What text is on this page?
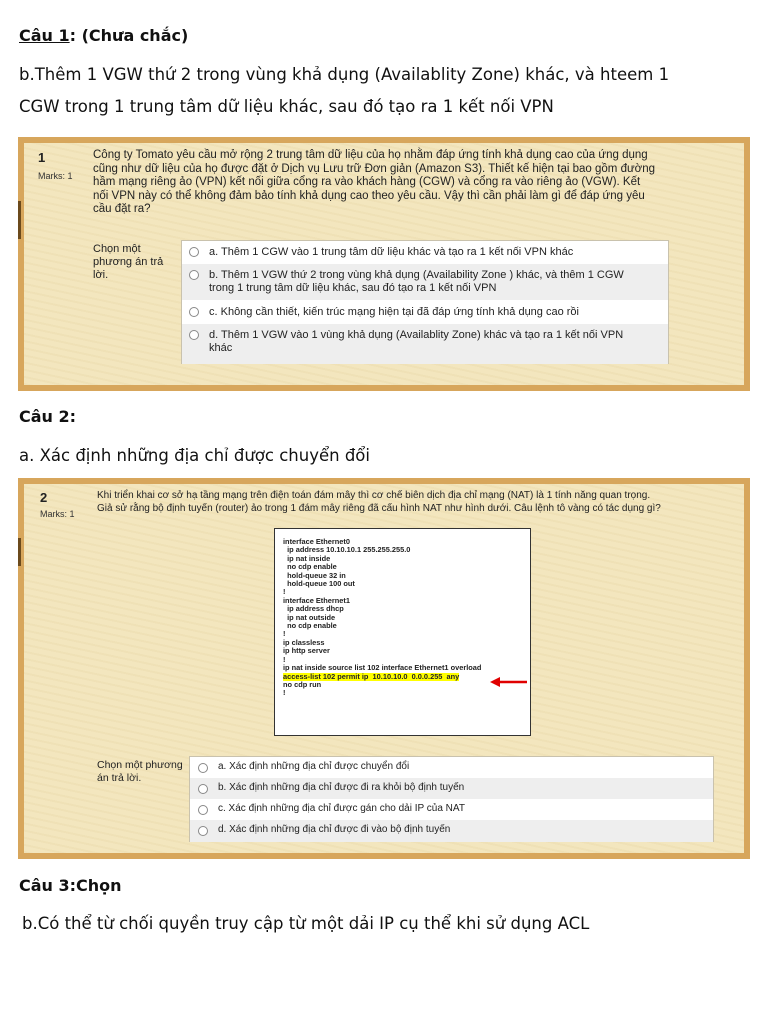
Câu 1: (Chưa chắc)
b.Thêm 1 VGW thứ 2 trong vùng khả dụng (Availablity Zone) khác, và hteem 1
CGW trong 1 trung tâm dữ liệu khác, sau đó tạo ra 1 kết nối VPN
1
Marks: 1
Công ty Tomato yêu cầu mở rộng 2 trung tâm dữ liệu của họ nhằm đáp ứng tính khả dụng cao của ứng dụng
cũng như dữ liệu của họ được đặt ở Dịch vụ Lưu trữ Đơn giản (Amazon S3). Thiết kế hiện tại bao gồm đường
hầm mạng riêng ảo (VPN) kết nối giữa cổng ra vào khách hàng (CGW) và cổng ra vào riêng ảo (VGW). Kết
nối VPN này có thể không đảm bảo tính khả dụng cao theo yêu cầu. Vậy thì cần phải làm gì để đáp ứng yêu
cầu đặt ra?
Chọn một
phương án trả
lời.
a. Thêm 1 CGW vào 1 trung tâm dữ liệu khác và tạo ra 1 kết nối VPN khác
b. Thêm 1 VGW thứ 2 trong vùng khả dụng (Availability Zone ) khác, và thêm 1 CGW
trong 1 trung tâm dữ liệu khác, sau đó tạo ra 1 kết nối VPN
c. Không cần thiết, kiến trúc mạng hiện tại đã đáp ứng tính khả dụng cao rồi
d. Thêm 1 VGW vào 1 vùng khả dụng (Availablity Zone) khác và tạo ra 1 kết nối VPN
khác
Câu 2:
a. Xác định những địa chỉ được chuyển đổi
2
Marks: 1
Khi triển khai cơ sở hạ tầng mạng trên điện toán đám mây thì cơ chế biên dịch địa chỉ mạng (NAT) là 1 tính năng quan trọng.
Giả sử rằng bộ định tuyến (router) ảo trong 1 đám mây riêng đã cấu hình NAT như hình dưới. Câu lệnh tô vàng có tác dụng gì?
interface Ethernet0
ip address 10.10.10.1 255.255.255.0
ip nat inside
no cdp enable
hold-queue 32 in
hold-queue 100 out
!
interface Ethernet1
ip address dhcp
ip nat outside
no cdp enable
!
ip classless
ip http server
!
ip nat inside source list 102 interface Ethernet1 overload
access-list 102 permit ip  10.10.10.0  0.0.0.255  any
no cdp run
!
Chọn một phương
án trả lời.
a. Xác định những địa chỉ được chuyển đổi
b. Xác định những địa chỉ được đi ra khỏi bộ định tuyến
c. Xác định những địa chỉ được gán cho dải IP của NAT
d. Xác định những địa chỉ được đi vào bộ định tuyến
Câu 3:Chọn
b.Có thể từ chối quyền truy cập từ một dải IP cụ thể khi sử dụng ACL
